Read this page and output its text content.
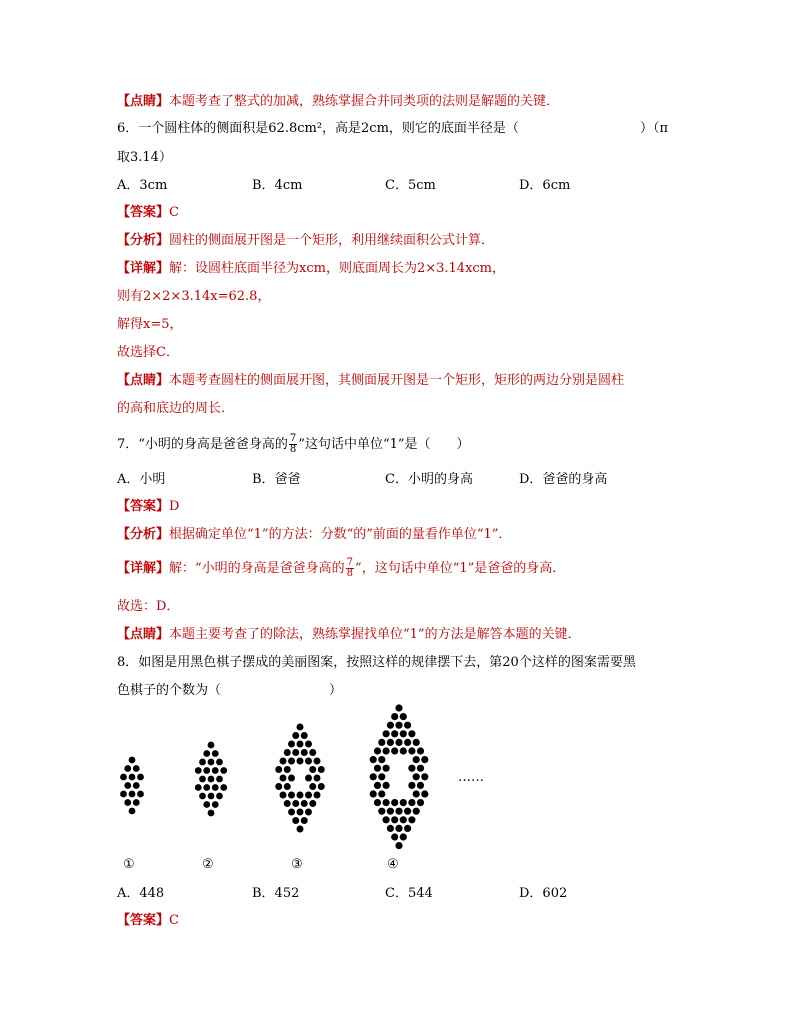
【点睛】本题考查了整式的加减，熟练掌握合并同类项的法则是解题的关键．
6．一个圆柱体的侧面积是62.8cm²，高是2cm，则它的底面半径是（	）（π
取3.14）
A．3cm	B．4cm	C．5cm	D．6cm
【答案】C
【分析】圆柱的侧面展开图是一个矩形，利用继续面积公式计算．
【详解】解：设圆柱底面半径为xcm，则底面周长为2×3.14xcm，
则有2×2×3.14x=62.8，
解得x=5，
故选择C．
【点睛】本题考查圆柱的侧面展开图，其侧面展开图是一个矩形，矩形的两边分别是圆柱
的高和底边的周长．
7．“小明的身高是爸爸身高的 $\frac{7}{8}$ ”这句话中单位“1”是（　　）
A．小明	B．爸爸	C．小明的身高	D．爸爸的身高
【答案】D
【分析】根据确定单位“1”的方法：分数“的”前面的量看作单位“1”．
【详解】解：“小明的身高是爸爸身高的 $\frac{7}{8}$ ”，这句话中单位“1”是爸爸的身高．
故选：D．
【点睛】本题主要考查了的除法，熟练掌握找单位“1”的方法是解答本题的关键．
8．如图是用黑色棋子摆成的美丽图案，按照这样的规律摆下去，第20个这样的图案需要黑
色棋子的个数为（	）
……
①	②	③	④
A．448	B．452	C．544	D．602
【答案】C
